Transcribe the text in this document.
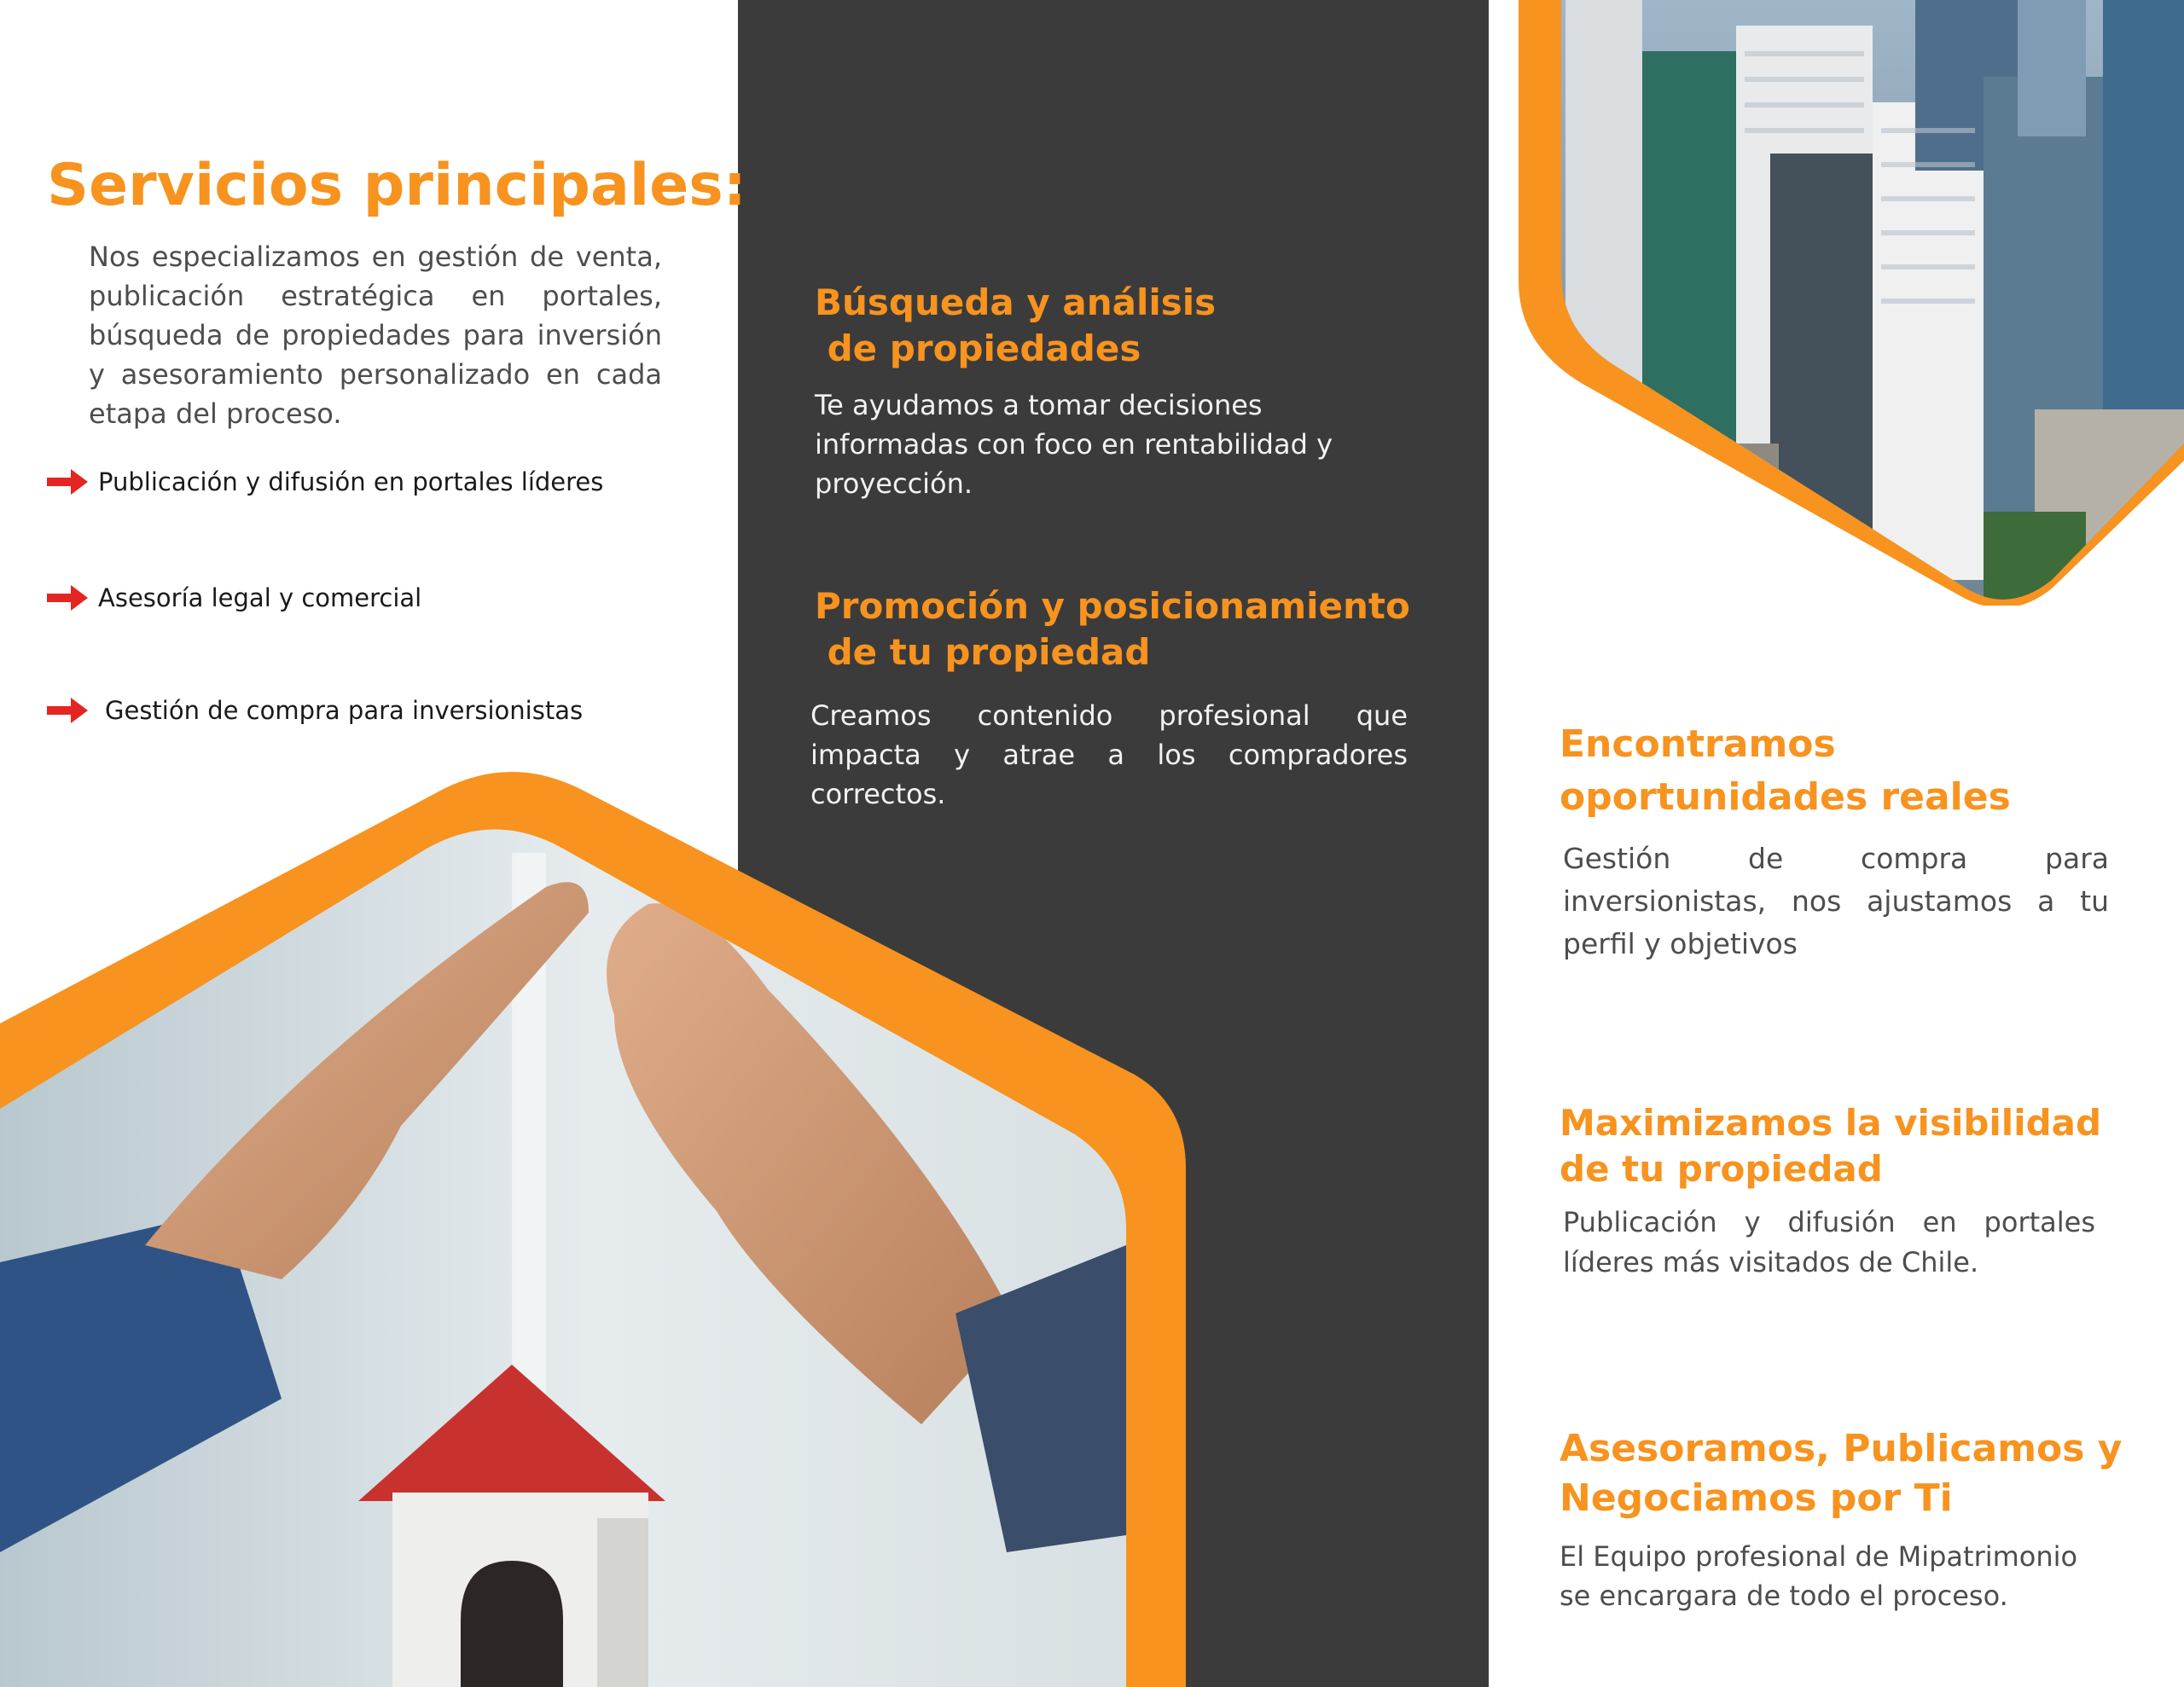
Servicios principales:
Nos especializamos en gestión de venta, publicación estratégica en portales, búsqueda de propiedades para inversión y asesoramiento personalizado en cada etapa del proceso.
Publicación y difusión en portales líderes
Asesoría legal y comercial
Gestión de compra para inversionistas
Búsqueda y análisis
de propiedades
Te ayudamos a tomar decisiones informadas con foco en rentabilidad y proyección.
Promoción y posicionamiento
de tu propiedad
Creamos contenido profesional que impacta y atrae a los compradores correctos.
Encontramos
oportunidades reales
Gestión de compra para inversionistas, nos ajustamos a tu perfil y objetivos
Maximizamos la visibilidad
de tu propiedad
Publicación y difusión en portales líderes más visitados de Chile.
Asesoramos, Publicamos y
Negociamos por Ti
El Equipo profesional de Mipatrimonio se encargara de todo el proceso.
